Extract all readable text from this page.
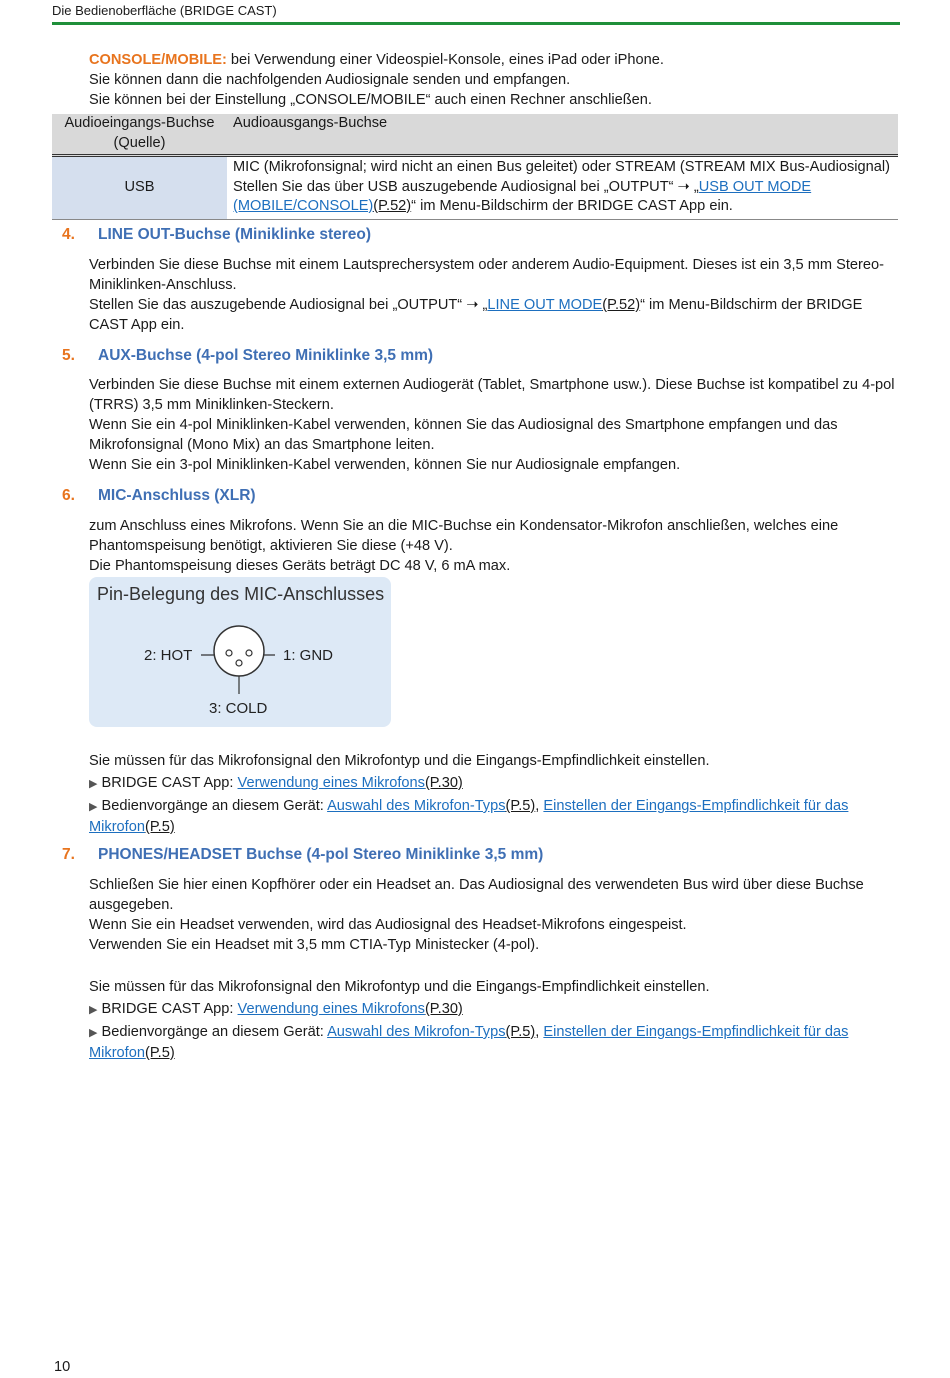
Die Bedienoberfläche (BRIDGE CAST)

CONSOLE/MOBILE: bei Verwendung einer Videospiel-Konsole, eines iPad oder iPhone.

Sie können dann die nachfolgenden Audiosignale senden und empfangen.

Sie können bei der Einstellung „CONSOLE/MOBILE“ auch einen Rechner anschließen.

Audioeingangs-Buchse (Quelle)	Audioausgangs-Buchse
USB	MIC (Mikrofonsignal; wird nicht an einen Bus geleitet) oder STREAM (STREAM MIX Bus-Audiosignal)
Stellen Sie das über USB auszugebende Audiosignal bei „OUTPUT“ ➝ „USB OUT MODE (MOBILE/CONSOLE)(P.52)“ im Menu-Bildschirm der BRIDGE CAST App ein.
4. LINE OUT-Buchse (Miniklinke stereo)

Verbinden Sie diese Buchse mit einem Lautsprechersystem oder anderem Audio-Equipment. Dieses ist ein 3,5 mm Stereo-Miniklinken-Anschluss.

Stellen Sie das auszugebende Audiosignal bei „OUTPUT“ ➝ „LINE OUT MODE(P.52)“ im Menu-Bildschirm der BRIDGE CAST App ein.

5. AUX-Buchse (4-pol Stereo Miniklinke 3,5 mm)

Verbinden Sie diese Buchse mit einem externen Audiogerät (Tablet, Smartphone usw.). Diese Buchse ist kompatibel zu 4-pol (TRRS) 3,5 mm Miniklinken-Steckern.

Wenn Sie ein 4-pol Miniklinken-Kabel verwenden, können Sie das Audiosignal des Smartphone empfangen und das Mikrofonsignal (Mono Mix) an das Smartphone leiten.

Wenn Sie ein 3-pol Miniklinken-Kabel verwenden, können Sie nur Audiosignale empfangen.

6. MIC-Anschluss (XLR)

zum Anschluss eines Mikrofons. Wenn Sie an die MIC-Buchse ein Kondensator-Mikrofon anschließen, welches eine Phantomspeisung benötigt, aktivieren Sie diese (+48 V).

Die Phantomspeisung dieses Geräts beträgt DC 48 V, 6 mA max.

Pin-Belegung des MIC-Anschlusses
2: HOT	1: GND
3: COLD

Sie müssen für das Mikrofonsignal den Mikrofontyp und die Eingangs-Empfindlichkeit einstellen.

▶ BRIDGE CAST App: Verwendung eines Mikrofons(P.30)

▶ Bedienvorgänge an diesem Gerät: Auswahl des Mikrofon-Typs(P.5), Einstellen der Eingangs-Empfindlichkeit für das Mikrofon(P.5)

7. PHONES/HEADSET Buchse (4-pol Stereo Miniklinke 3,5 mm)

Schließen Sie hier einen Kopfhörer oder ein Headset an. Das Audiosignal des verwendeten Bus wird über diese Buchse ausgegeben.

Wenn Sie ein Headset verwenden, wird das Audiosignal des Headset-Mikrofons eingespeist.

Verwenden Sie ein Headset mit 3,5 mm CTIA-Typ Ministecker (4-pol).

Sie müssen für das Mikrofonsignal den Mikrofontyp und die Eingangs-Empfindlichkeit einstellen.

▶ BRIDGE CAST App: Verwendung eines Mikrofons(P.30)

▶ Bedienvorgänge an diesem Gerät: Auswahl des Mikrofon-Typs(P.5), Einstellen der Eingangs-Empfindlichkeit für das Mikrofon(P.5)

10
